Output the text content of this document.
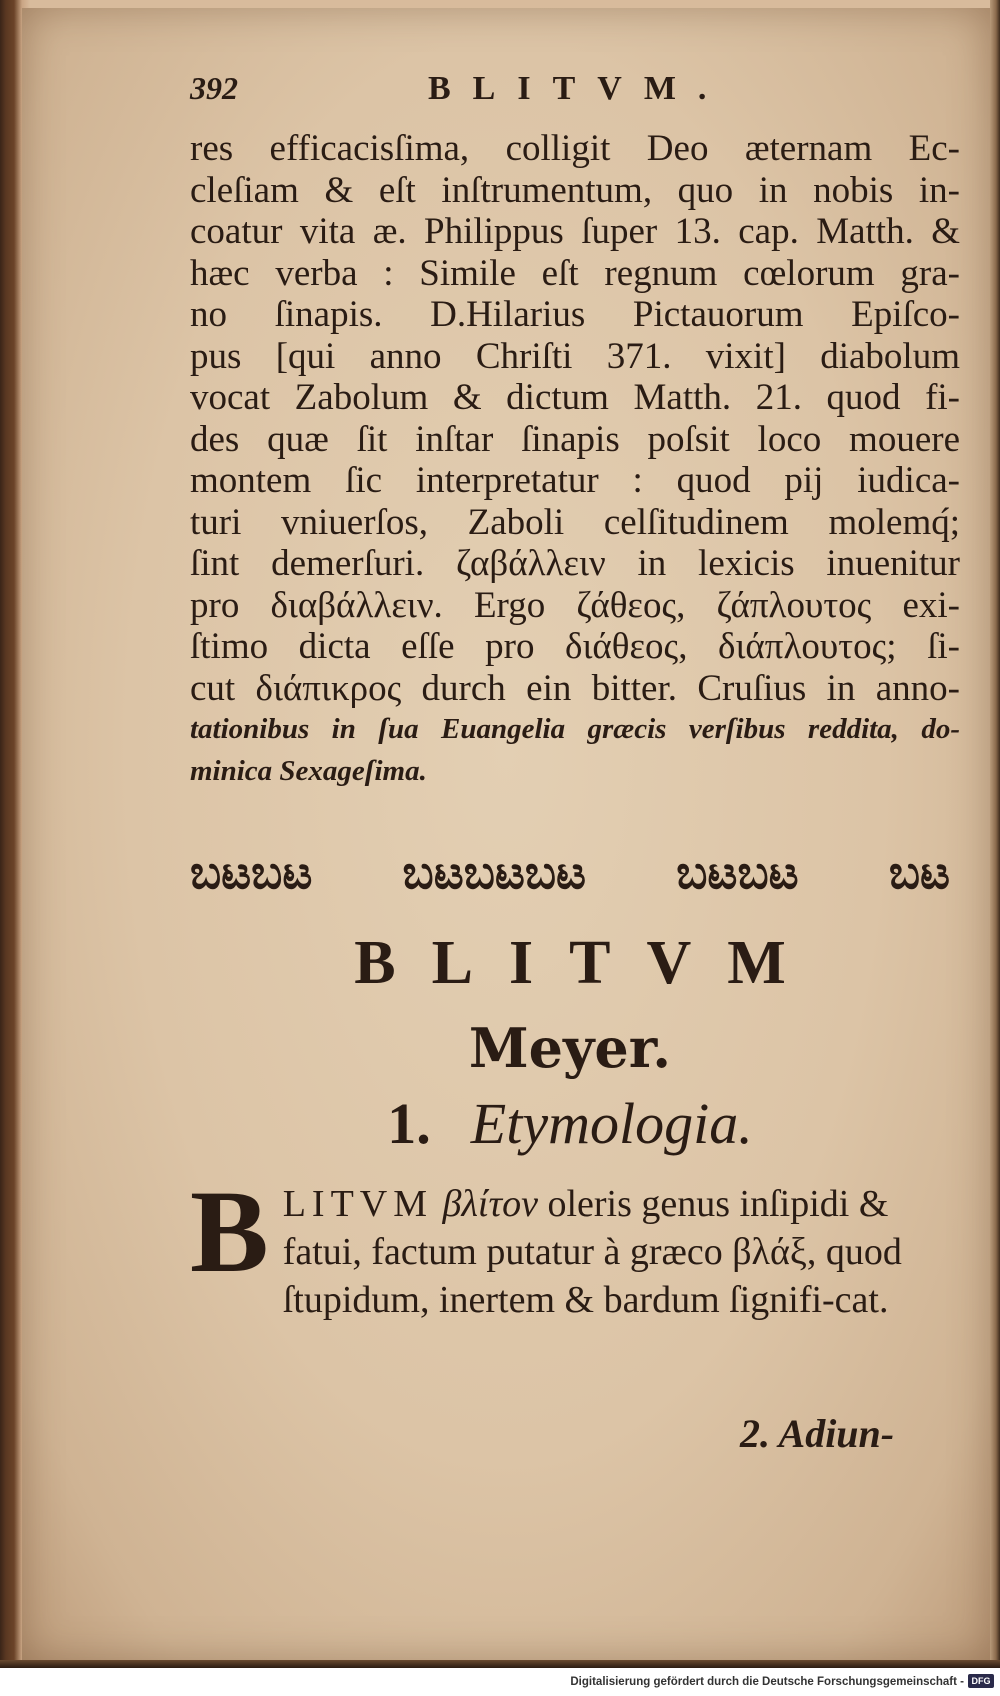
392	BLITVM.
res efficacisſima, colligit Deo æternam Ec-
cleſiam & eſt inſtrumentum, quo in nobis in-
coatur vita æ. Philippus ſuper 13. cap. Matth. &
hæc verba : Simile eſt regnum cœlorum gra-
no ſinapis. D.Hilarius Pictauorum Epiſco-
pus [qui anno Chriſti 371. vixit] diabolum
vocat Zabolum & dictum Matth. 21. quod fi-
des quæ ſit inſtar ſinapis poſsit loco mouere
montem ſic interpretatur : quod pij iudica-
turi vniuerſos, Zaboli celſitudinem molemq́;
ſint demerſuri. ζαβάλλειν in lexicis inuenitur
pro διαβάλλειν. Ergo ζάθεος, ζάπλουτος exi-
ſtimo dicta eſſe pro διάθεος, διάπλουτος; ſi-
cut διάπικρος durch ein bitter. Cruſius in anno-
tationibus in ſua Euangelia græcis verſibus reddita, do-
minica Sexageſima.
ಬಟಬಟ ಬಟಬಟಬಟ ಬಟಬಟ ಬಟ
BLITVM
Meyer.
1. Etymologia.
BLITVM βλίτον oleris genus inſipidi & fatui, factum putatur à græco βλάξ, quod ſtupidum, inertem & bardum ſignifi-cat.
2. Adiun-
Digitalisierung gefördert durch die Deutsche Forschungsgemeinschaft - DFG
